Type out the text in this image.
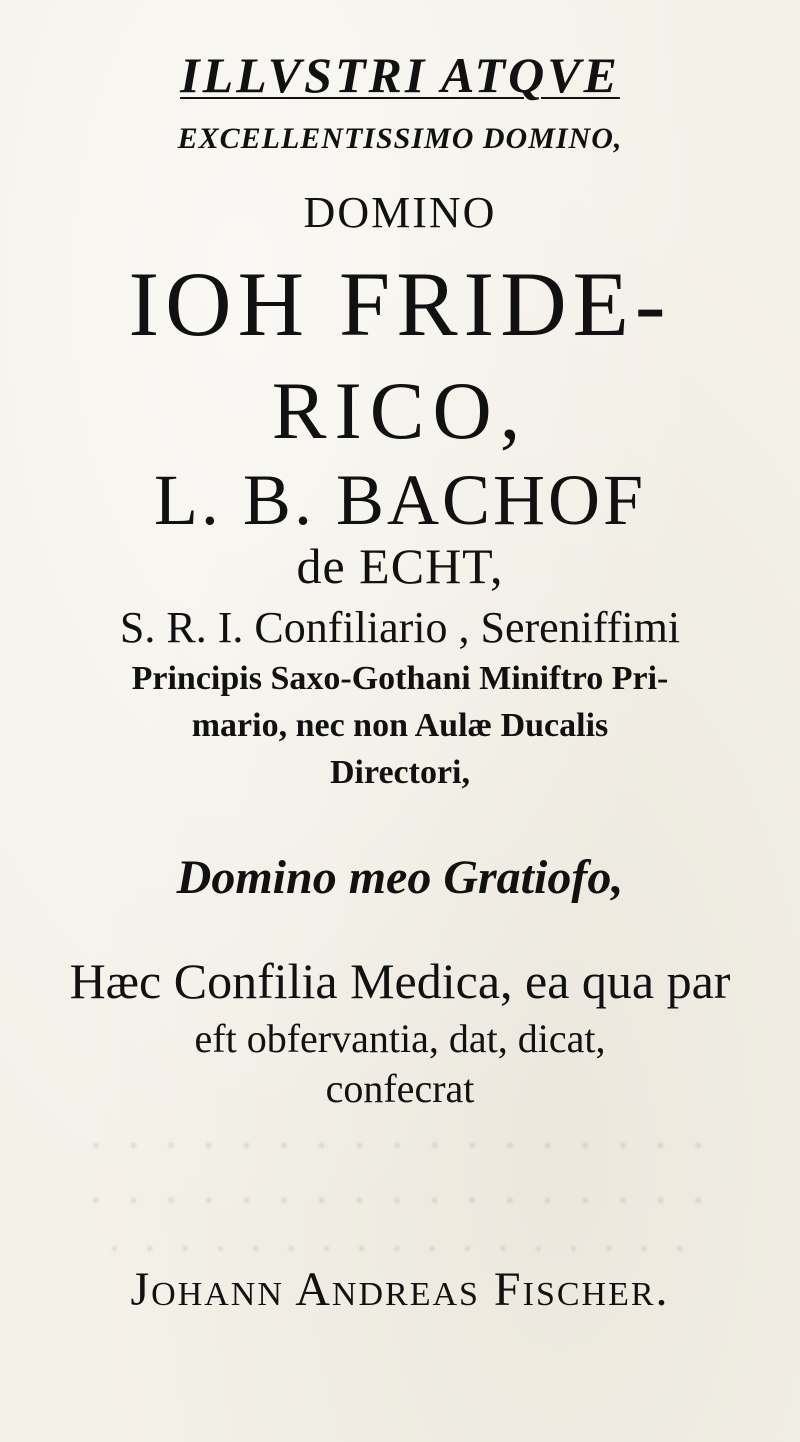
· · · · · · · · · · · · · · · · ·
· · · · · · · · · · · · · · · · ·
· · · · · · · · · · · · · · · · ·
ILLVSTRI ATQVE
EXCELLENTISSIMO DOMINO,
DOMINO
IOH FRIDE-
RICO,
L. B. BACHOF
de ECHT,
S. R. I. Confiliario , Sereniffimi
Principis Saxo-Gothani Miniftro Pri-
mario, nec non Aulæ Ducalis
Directori,
Domino meo Gratiofo,
Hæc Confilia Medica, ea qua par
eft obfervantia, dat, dicat,
confecrat
Johann Andreas Fischer.
